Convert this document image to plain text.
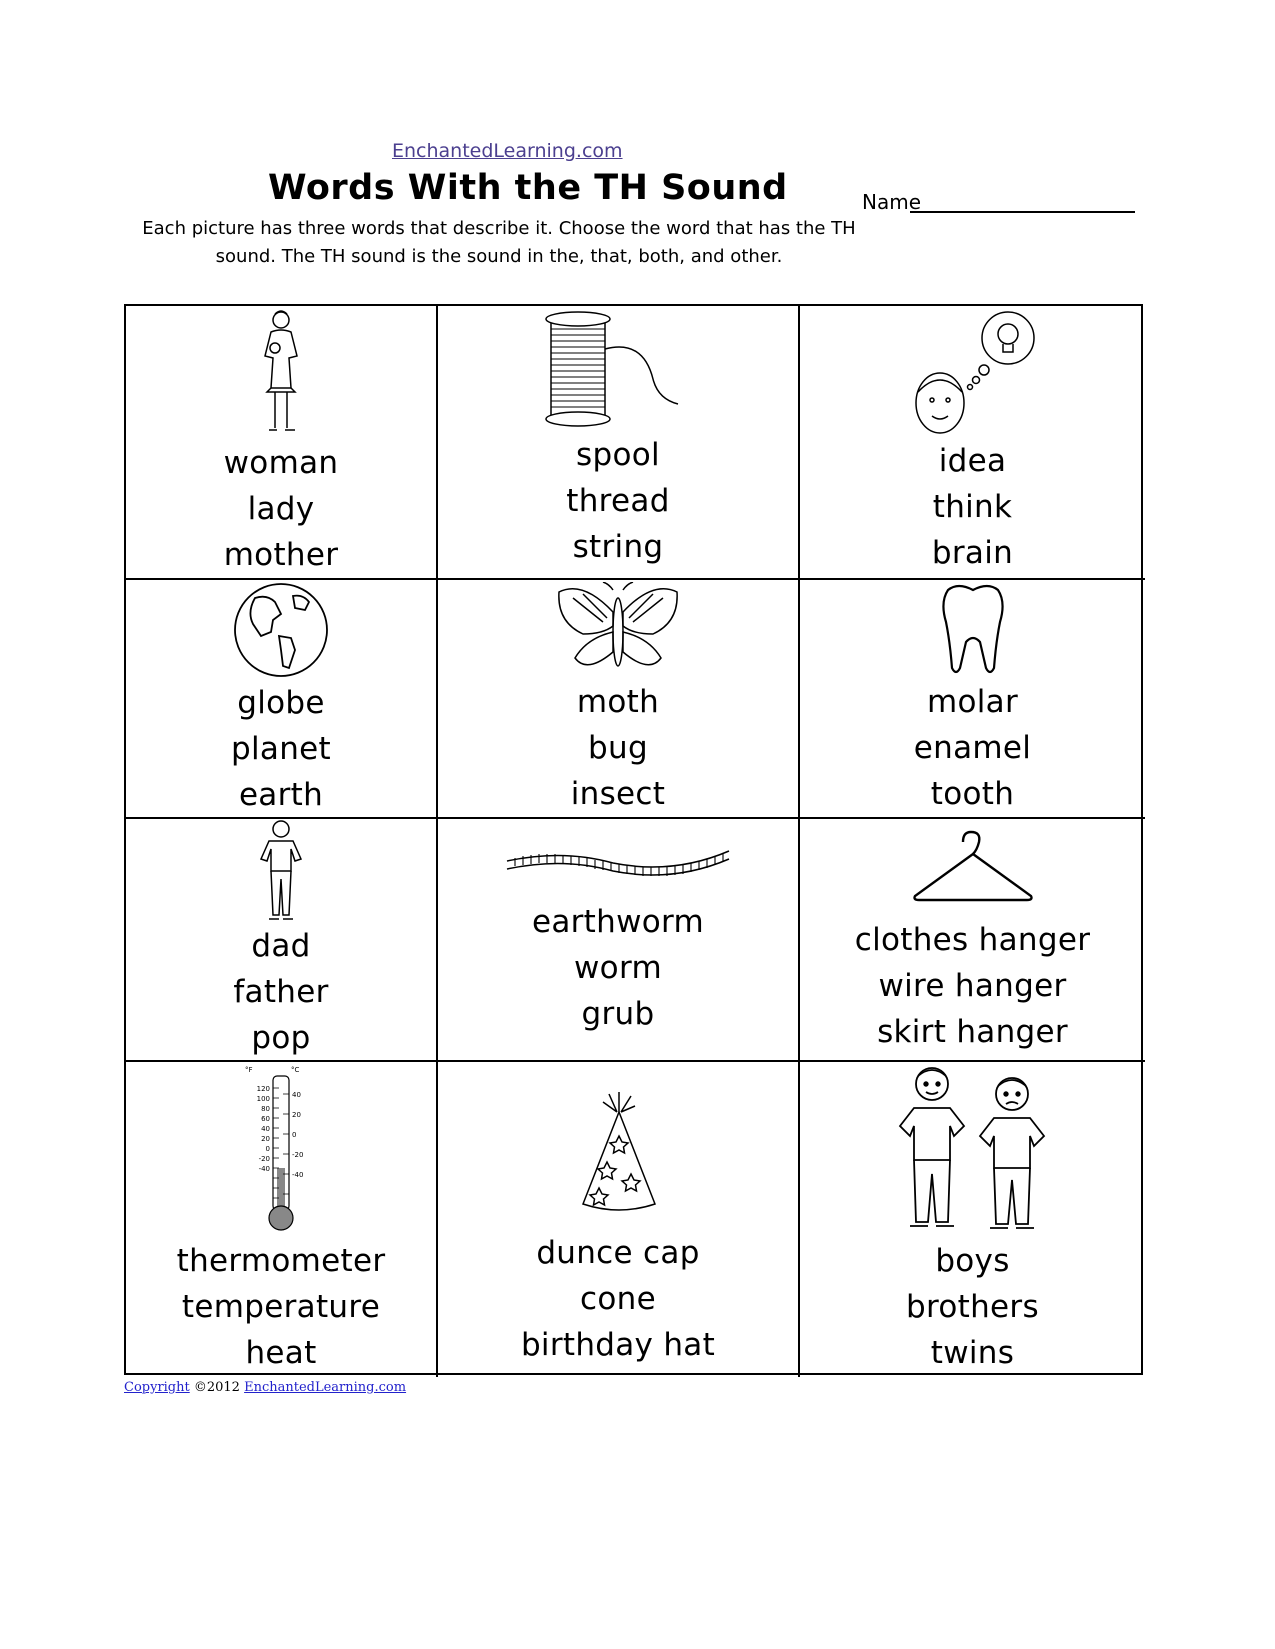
EnchantedLearning.com
Words With the TH Sound	Name

Each picture has three words that describe it. Choose the word that has the TH sound. The TH sound is the sound in the, that, both, and other.

woman
lady
mother
spool
thread
string
idea
think
brain
globe
planet
earth
moth
bug
insect
molar
enamel
tooth
dad
father
pop
earthworm
worm
grub
clothes hanger
wire hanger
skirt hanger
°F	°C
120
100
80
60
40
20
0
-20
-40
40
20
0
-20
-40
thermometer
temperature
heat
dunce cap
cone
birthday hat
boys
brothers
twins
Copyright ©2012 EnchantedLearning.com
